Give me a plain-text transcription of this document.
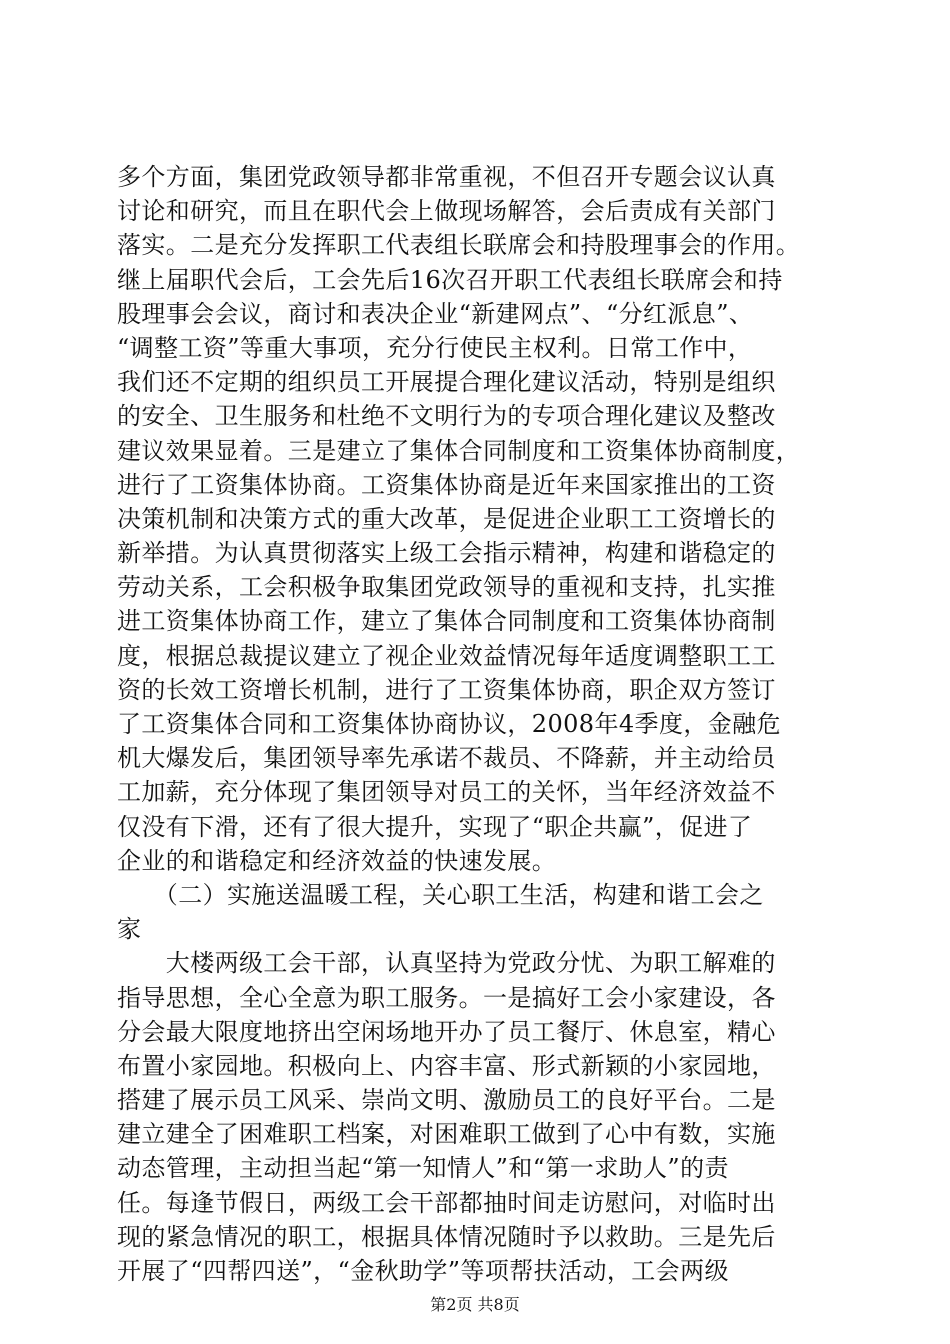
多个方面，集团党政领导都非常重视，不但召开专题会议认真
讨论和研究，而且在职代会上做现场解答，会后责成有关部门
落实。二是充分发挥职工代表组长联席会和持股理事会的作用。
继上届职代会后，工会先后16次召开职工代表组长联席会和持
股理事会会议，商讨和表决企业“新建网点”、“分红派息”、
“调整工资”等重大事项，充分行使民主权利。日常工作中，
我们还不定期的组织员工开展提合理化建议活动，特别是组织
的安全、卫生服务和杜绝不文明行为的专项合理化建议及整改
建议效果显着。三是建立了集体合同制度和工资集体协商制度，
进行了工资集体协商。工资集体协商是近年来国家推出的工资
决策机制和决策方式的重大改革，是促进企业职工工资增长的
新举措。为认真贯彻落实上级工会指示精神，构建和谐稳定的
劳动关系，工会积极争取集团党政领导的重视和支持，扎实推
进工资集体协商工作，建立了集体合同制度和工资集体协商制
度，根据总裁提议建立了视企业效益情况每年适度调整职工工
资的长效工资增长机制，进行了工资集体协商，职企双方签订
了工资集体合同和工资集体协商协议，2008年4季度，金融危
机大爆发后，集团领导率先承诺不裁员、不降薪，并主动给员
工加薪，充分体现了集团领导对员工的关怀，当年经济效益不
仅没有下滑，还有了很大提升，实现了“职企共赢”，促进了
企业的和谐稳定和经济效益的快速发展。
　　（二）实施送温暖工程，关心职工生活，构建和谐工会之
家
　　大楼两级工会干部，认真坚持为党政分忧、为职工解难的
指导思想，全心全意为职工服务。一是搞好工会小家建设，各
分会最大限度地挤出空闲场地开办了员工餐厅、休息室，精心
布置小家园地。积极向上、内容丰富、形式新颖的小家园地，
搭建了展示员工风采、崇尚文明、激励员工的良好平台。二是
建立建全了困难职工档案，对困难职工做到了心中有数，实施
动态管理，主动担当起“第一知情人”和“第一求助人”的责
任。每逢节假日，两级工会干部都抽时间走访慰问，对临时出
现的紧急情况的职工，根据具体情况随时予以救助。三是先后
开展了“四帮四送”，“金秋助学”等项帮扶活动，工会两级
第2页 共8页
